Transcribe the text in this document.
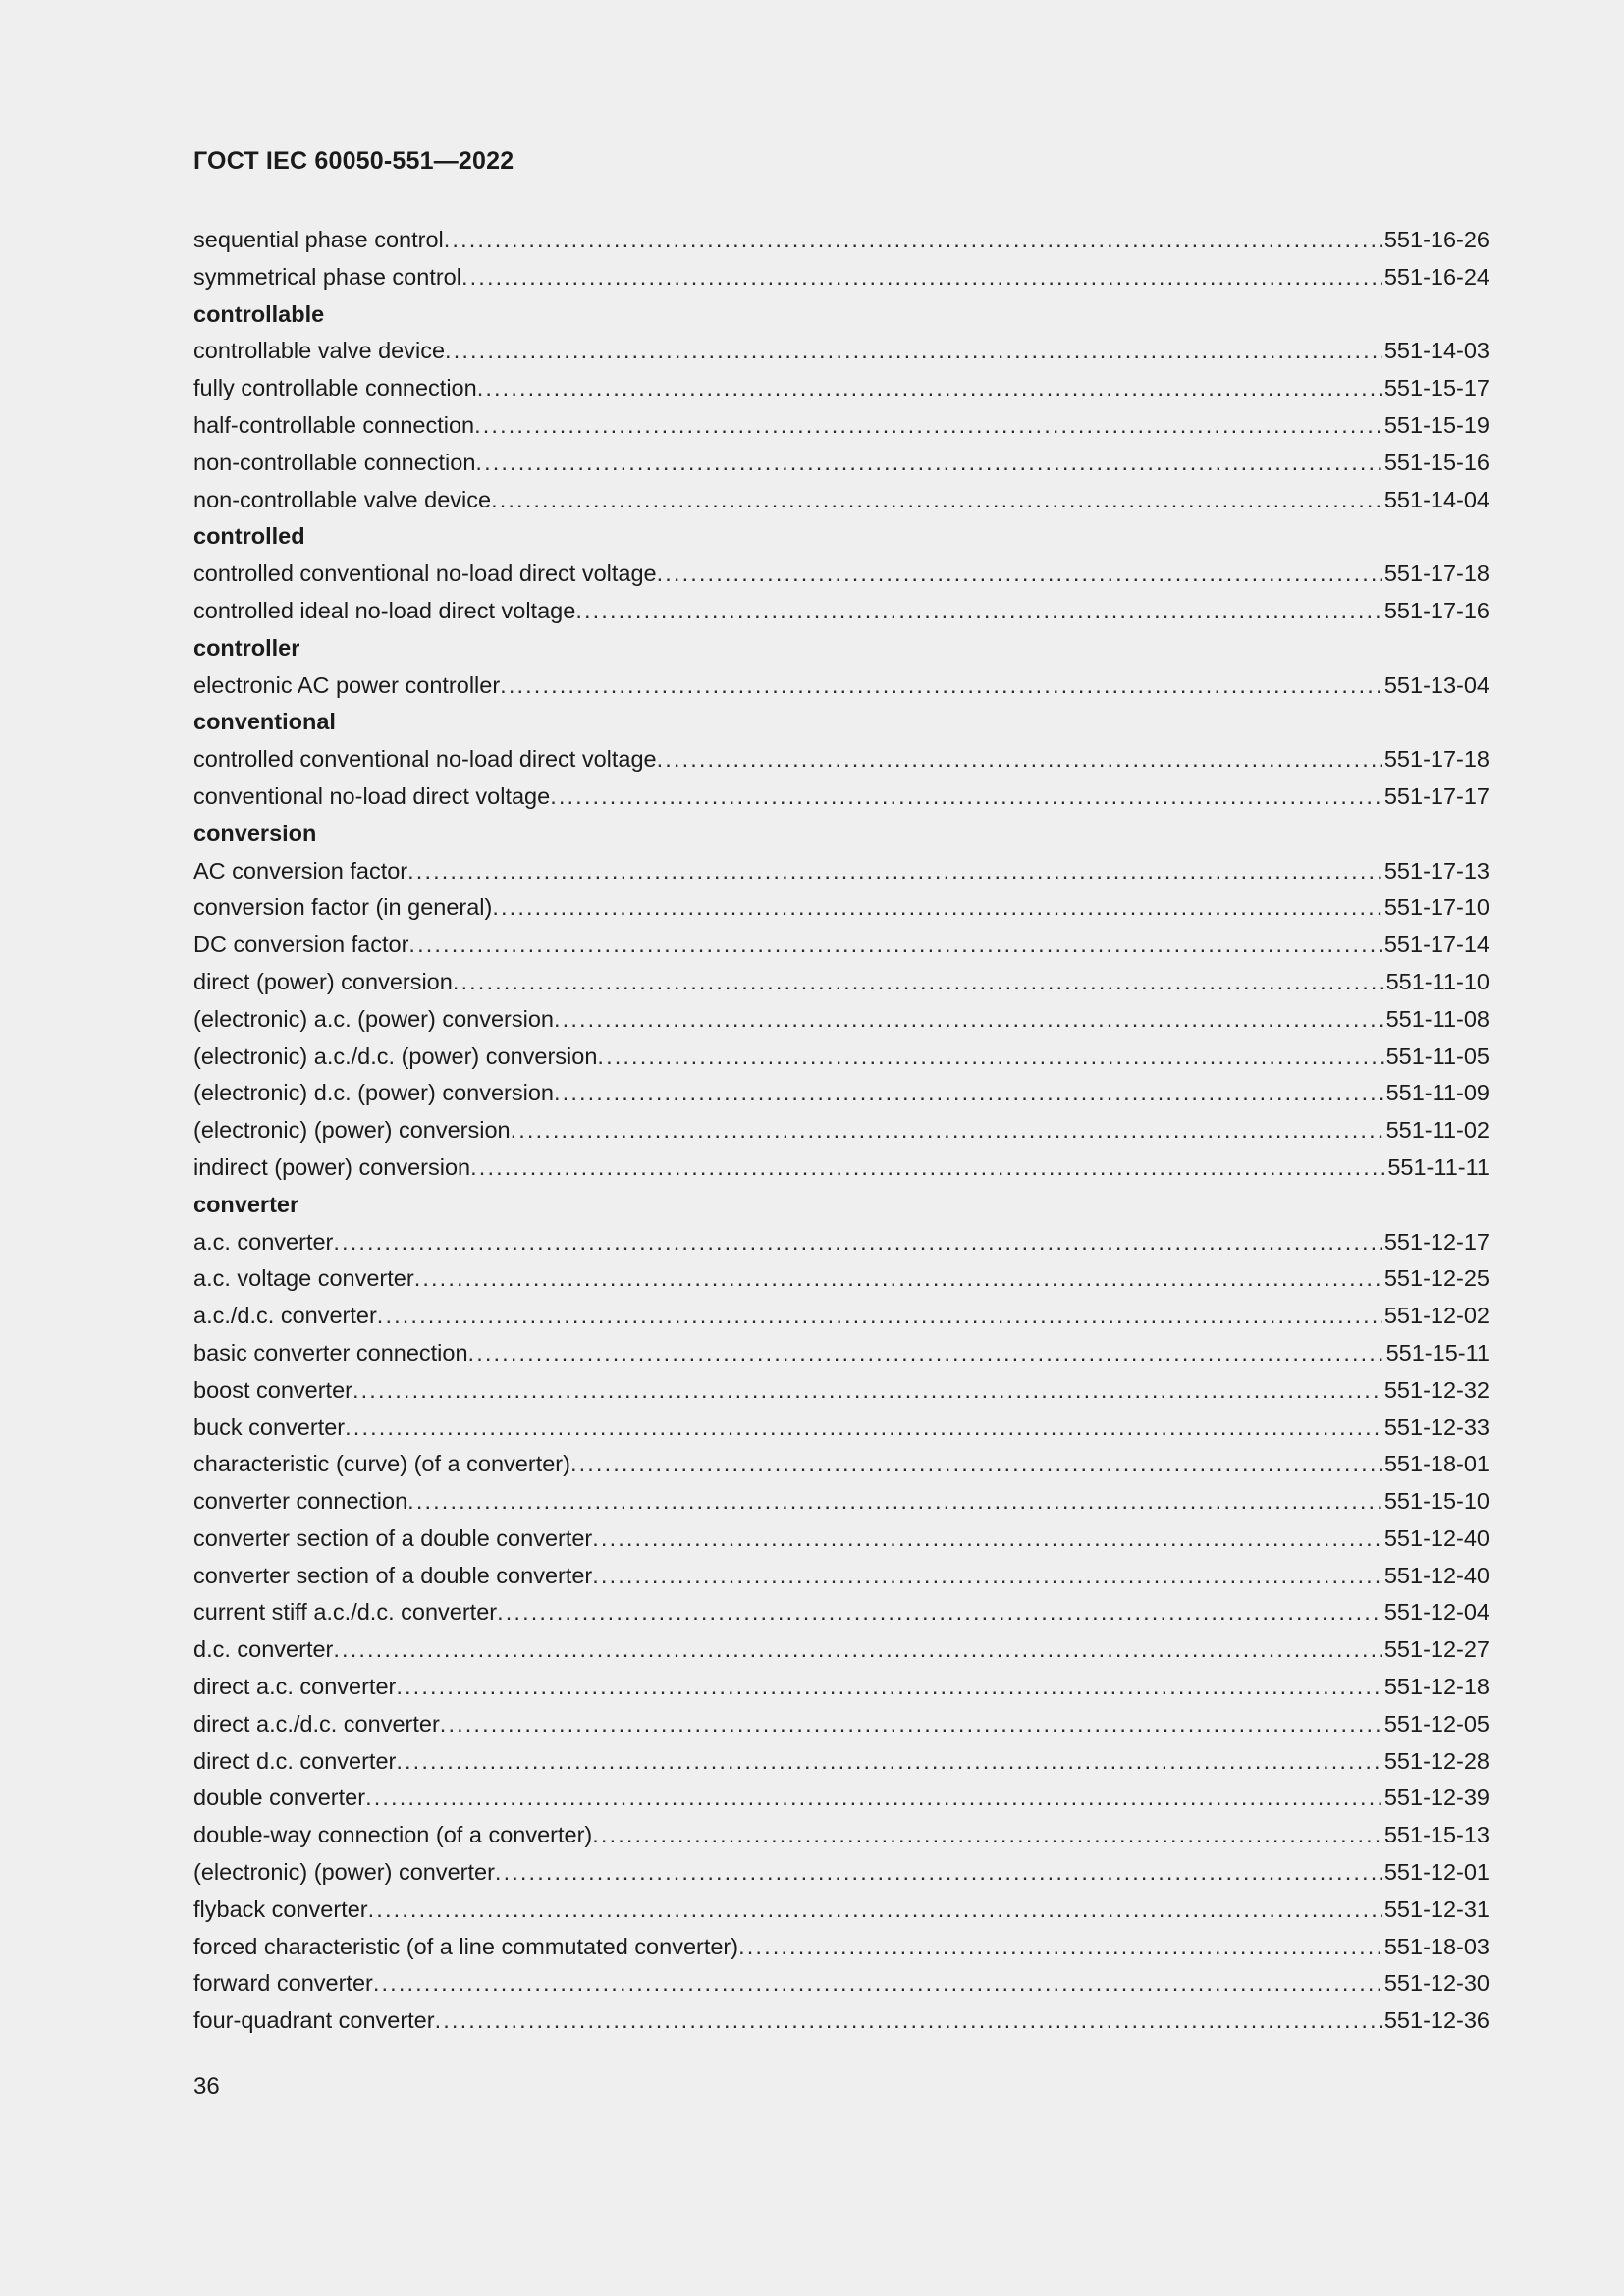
ГОСТ IEC 60050-551—2022
sequential phase control . . .	551-16-26
symmetrical phase control . . .	551-16-24
controllable
controllable valve device . . .	551-14-03
fully controllable connection . . .	551-15-17
half-controllable connection . . .	551-15-19
non-controllable connection . . .	551-15-16
non-controllable valve device . . .	551-14-04
controlled
controlled conventional no-load direct voltage . . .	551-17-18
controlled ideal no-load direct voltage . . .	551-17-16
controller
electronic AC power controller . . .	551-13-04
conventional
controlled conventional no-load direct voltage . . .	551-17-18
conventional no-load direct voltage . . .	551-17-17
conversion
AC conversion factor . . .	551-17-13
conversion factor (in general) . . .	551-17-10
DC conversion factor . . .	551-17-14
direct (power) conversion . . .	551-11-10
(electronic) a.c. (power) conversion . . .	551-11-08
(electronic) a.c./d.c. (power) conversion . . .	551-11-05
(electronic) d.c. (power) conversion . . .	551-11-09
(electronic) (power) conversion . . .	551-11-02
indirect (power) conversion . . .	551-11-11
converter
a.c. converter . . .	551-12-17
a.c. voltage converter . . .	551-12-25
a.c./d.c. converter . . .	551-12-02
basic converter connection . . .	551-15-11
boost converter . . .	551-12-32
buck converter . . .	551-12-33
characteristic (curve) (of a converter) . . .	551-18-01
converter connection . . .	551-15-10
converter section of a double converter . . .	551-12-40
converter section of a double converter . . .	551-12-40
current stiff a.c./d.c. converter . . .	551-12-04
d.c. converter . . .	551-12-27
direct a.c. converter . . .	551-12-18
direct a.c./d.c. converter . . .	551-12-05
direct d.c. converter . . .	551-12-28
double converter . . .	551-12-39
double-way connection (of a converter) . . .	551-15-13
(electronic) (power) converter . . .	551-12-01
flyback converter . . .	551-12-31
forced characteristic (of a line commutated converter) . . .	551-18-03
forward converter . . .	551-12-30
four-quadrant converter . . .	551-12-36
36
